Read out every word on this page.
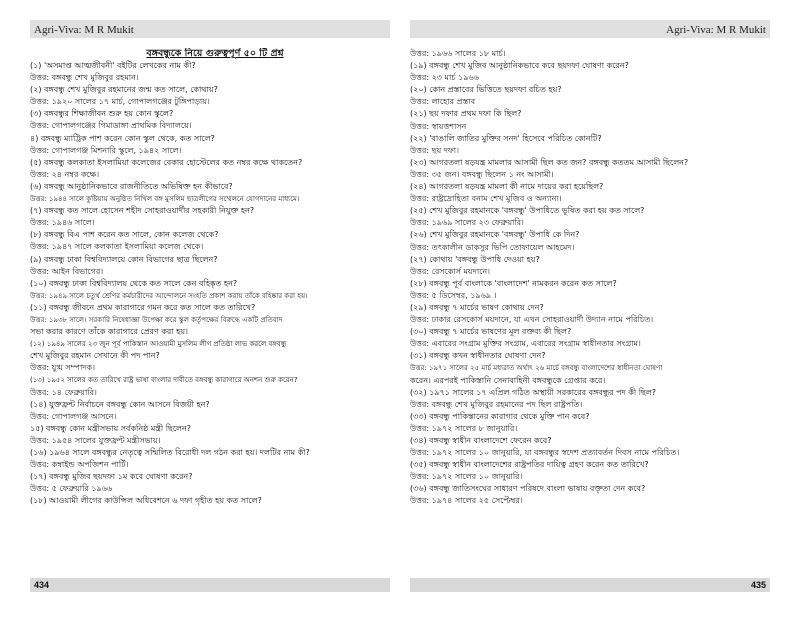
Agri-Viva: M R Mukit	Agri-Viva: M R Mukit
বঙ্গবন্ধুকে নিয়ে গুরুত্বপূর্ণ ৫০ টি প্রশ্ন
(১) 'অসমাপ্ত আত্মজীবনী' বইটির লেখকের নাম কী?
উত্তর: বঙ্গবন্ধু শেখ মুজিবুর রহমান।
(২) বঙ্গবন্ধু শেখ মুজিবুর রহমানের জন্ম কত সালে, কোথায়?
উত্তর: ১৯২০ সালের ১৭ মার্চ, গোপালগঞ্জের টুঙ্গিপাড়ায়।
(৩) বঙ্গবন্ধুর শিক্ষাজীবন শুরু হয় কোন স্কুলে?
উত্তর: গোপালগঞ্জের গিমাডাঙ্গা প্রাথমিক বিদ্যালয়ে।
৪) বঙ্গবন্ধু ম্যাট্রিক পাশ করেন কোন স্কুল থেকে, কত সালে?
উত্তর: গোপালগঞ্জ মিশনারি স্কুলে, ১৯৪২ সালে।
(৫) বঙ্গবন্ধু কলকাতা ইসলামিয়া কলেজের বেকার হোস্টেলের কত নম্বর কক্ষে থাকতেন?
উত্তর: ২৪ নম্বর কক্ষে।
(৬) বঙ্গবন্ধু আনুষ্ঠানিকভাবে রাজনীতিতে অভিষিক্ত হন কীভাবে?
উত্তর: ১৯৪৪ সালে কুষ্টিয়ায় অনুষ্ঠিত নিখিল বঙ্গ মুসলিম ছাত্রলীগের সম্মেলনে যোগদানের মাধ্যমে।
(৭) বঙ্গবন্ধু কত সালে হোসেন শহীদ সোহরাওয়ার্দীর সহকারী নিযুক্ত হন?
উত্তর: ১৯৪৬ সালে।
(৮) বঙ্গবন্ধু বিএ পাশ করেন কত সালে, কোন কলেজ থেকে?
উত্তর: ১৯৪৭ সালে কলকাতা ইসলামিয়া কলেজ থেকে।
(৯) বঙ্গবন্ধু ঢাকা বিশ্ববিদ্যালয়ে কোন বিভাগের ছাত্র ছিলেন?
উত্তর: আইন বিভাগের।
(১০) বঙ্গবন্ধু ঢাকা বিশ্ববিদ্যালয় থেকে কত সালে কেন বহিষ্কৃত হন?
উত্তর: ১৯৪৯ সালে চতুর্থ শ্রেণির কর্মচারীদের আন্দোলনে সংহতি প্রকাশ করায় তাঁকে বহিষ্কার করা হয়।
(১১) বঙ্গবন্ধু জীবনে প্রথম কারাগারে গমন করে কত সালে কত তারিখে?
উত্তর: ১৯৩৮ সালে। সরকারি নিষেধাজ্ঞা উপেক্ষা করে স্কুল কর্তৃপক্ষের বিরুদ্ধে একটি প্রতিবাদ
সভা করার কারণে তাঁকে কারাগারে প্রেরণ করা হয়।
(১২) ১৯৪৯ সালের ২৩ জুন পূর্ব পাকিস্তান আওয়ামী মুসলিম লীগ প্রতিষ্ঠা লাভ করলে বঙ্গবন্ধু
শেখ মুজিবুর রহমান সেখানে কী পদ পান?
উত্তর: যুগ্ম সম্পাদক।
(১৩) ১৯৫২ সালের কত তারিখে রাষ্ট্র ভাষা বাংলার দাবীতে বঙ্গবন্ধু কারাগারে অনশন শুরু করেন?
উত্তর: ১৪ ফেব্রুয়ারি।
(১৪) যুক্তফ্রন্ট নির্বাচনে বঙ্গবন্ধু কোন আসনে বিজয়ী হন?
উত্তর: গোপালগঞ্জ আসনে।
১৫) বঙ্গবন্ধু কোন মন্ত্রীসভায় সর্বকনিষ্ঠ মন্ত্রী ছিলেন?
উত্তর: ১৯৫৪ সালের যুক্তফ্রন্ট মন্ত্রীসভায়।
(১৬) ১৯৬৪ সালে বঙ্গবন্ধুর নেতৃত্বে সম্মিলিত বিরোধী দল গঠন করা হয়। দলটির নাম কী?
উত্তর: কম্বাইন্ড অপজিশন পার্টি।
(১৭) বঙ্গবন্ধু মুজিব ছয়দফা ১ম কবে ঘোষণা করেন?
উত্তর: ৫ ফেব্রুয়ারি ১৯৬৬
(১৮) আওয়ামী লীগের কাউন্সিল অধিবেশনে ৬ দফা গৃহীত হয় কত সালে?
উত্তর: ১৯৬৬ সালের ১৮ মার্চ।
(১৯) বঙ্গবন্ধু শেখ মুজিব আনুষ্ঠানিকভাবে কবে ছয়দফা ঘোষণা করেন?
উত্তর: ২৩ মার্চ ১৯৬৬
(২০) কোন প্রস্তাবের ভিত্তিতে ছয়দফা রচিত হয়?
উত্তর: লাহোর প্রস্তাব
(২১) ছয় দফার প্রথম দফা কি ছিল?
উত্তর: স্বায়ত্তশাসন
(২২) 'বাঙালি জাতির মুক্তির সনদ' হিসেবে পরিচিত কোনটি?
উত্তর: ছয় দফা।
(২৩) আগরতলা ষড়যন্ত্র মামলার আসামী ছিল কত জন? বঙ্গবন্ধু কততম আসামী ছিলেন?
উত্তর: ৩৫ জন। বঙ্গবন্ধু ছিলেন ১ নং আসামী।
(২৪) আগরতলা ষড়যন্ত্র মামলা কী নামে দায়ের করা হয়েছিল?
উত্তর: রাষ্ট্রদ্রোহিতা বনাম শেখ মুজিব ও অন্যান্য।
(২৫) শেখ মুজিবুর রহমানকে 'বঙ্গবন্ধু' উপাধিতে ভূষিত করা হয় কত সালে?
উত্তর: ১৯৬৯ সালের ২৩ ফেব্রুয়ারি।
(২৬) শেখ মুজিবুর রহমানকে 'বঙ্গবন্ধু' উপাধি কে দিন?
উত্তর: তৎকালীন ডাকসুর ভিপি তোফায়েল আহমেদ।
(২৭) কোথায় 'বঙ্গবন্ধু উপাধি দেওয়া হয়?
উত্তর: রেসকোর্স ময়দানে।
(২৮) বঙ্গবন্ধু পূর্ব বাংলাকে 'বাংলাদেশ' নামকরন করেন কত সালে?
উত্তর: ৫ ডিসেম্বর, ১৯৬৯ ।
(২৯) বঙ্গবন্ধু ৭ মার্চের ভাষণ কোথায় দেন?
উত্তর: ঢাকার রেসকোর্স ময়দানে, যা এখন সোহরাওয়ার্দী উদ্যান নামে পরিচিত।
(৩০) বঙ্গবন্ধু ৭ মার্চের ভাষণের মূল বক্তব্য কী ছিল?
উত্তর: এবারের সংগ্রাম মুক্তির সংগ্রাম, এবারের সংগ্রাম স্বাধীনতার সংগ্রাম।
(৩১) বঙ্গবন্ধু কখন স্বাধীনতার ঘোষণা দেন?
উত্তর: ১৯৭১ সালের ২৫ মার্চ মধ্যরাত অর্থাৎ ২৬ মার্চে বঙ্গবন্ধু বাংলাদেশের স্বাধীনতা ঘোষণা
করেন। এরপরই পাকিস্তানি সেনাবাহিনী বঙ্গবন্ধুকে গ্রেপ্তার করে।
(৩২) ১৯৭১ সালের ১৭ এপ্রিল গঠিত অস্থায়ী সরকারের বঙ্গবন্ধুর পদ কী ছিল?
উত্তর: বঙ্গবন্ধু শেখ মুজিবুর রহমানের পদ ছিল রাষ্ট্রপতি।
(৩৩) বঙ্গবন্ধু পাকিস্তানের কারাগার থেকে মুক্তি পান কবে?
উত্তর: ১৯৭২ সালের ৮ জানুয়ারি।
(৩৪) বঙ্গবন্ধু স্বাধীন বাংলাদেশে ফেরেন কবে?
উত্তর: ১৯৭২ সালের ১০ জানুয়ারি, যা বঙ্গবন্ধুর স্বদেশ প্রত্যাবর্তন দিবস নামে পরিচিত।
(৩৫) বঙ্গবন্ধু স্বাধীন বাংলাদেশের রাষ্ট্রপতির দায়িত্ব গ্রহণ করেন কত তারিখে?
উত্তর: ১৯৭২ সালের ১০ জানুয়ারি।
(৩৬) বঙ্গবন্ধু জাতিসংঘের সাধারণ পরিষদে বাংলা ভাষায় বক্তৃতা দেন কবে?
উত্তর: ১৯৭৪ সালের ২৫ সেপ্টেম্বর।
434	435
